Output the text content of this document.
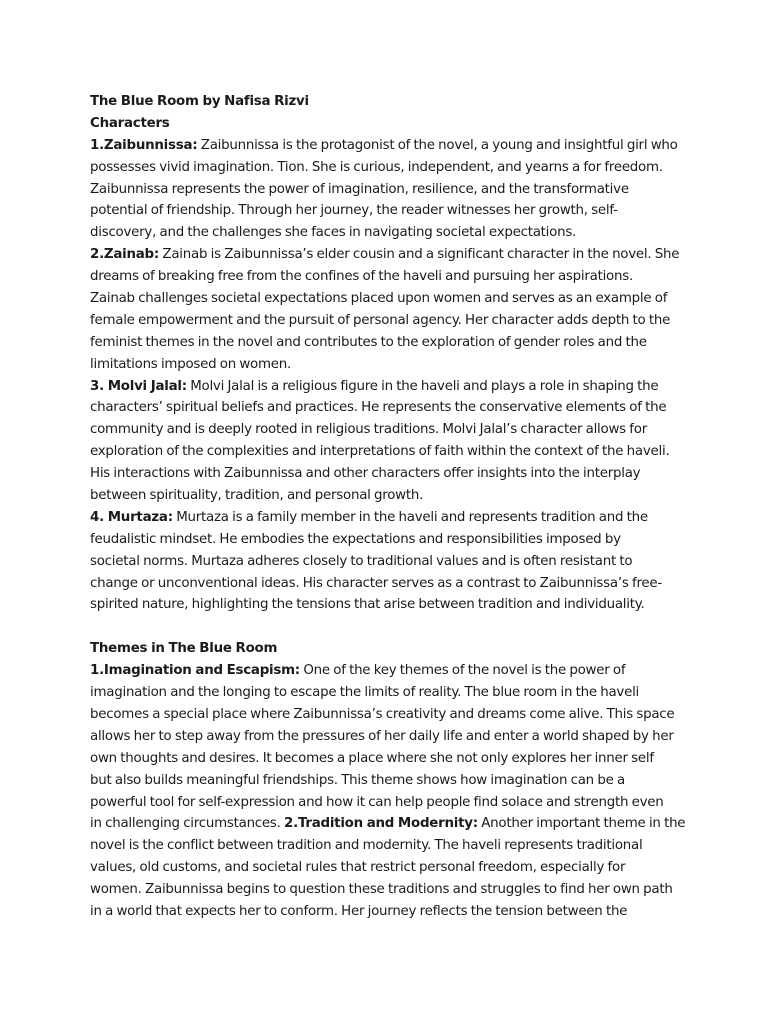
The Blue Room by Nafisa Rizvi
Characters
1.Zaibunnissa: Zaibunnissa is the protagonist of the novel, a young and insightful girl who
possesses vivid imagination. Tion. She is curious, independent, and yearns a for freedom.
Zaibunnissa represents the power of imagination, resilience, and the transformative
potential of friendship. Through her journey, the reader witnesses her growth, self-
discovery, and the challenges she faces in navigating societal expectations.
2.Zainab: Zainab is Zaibunnissa’s elder cousin and a significant character in the novel. She
dreams of breaking free from the confines of the haveli and pursuing her aspirations.
Zainab challenges societal expectations placed upon women and serves as an example of
female empowerment and the pursuit of personal agency. Her character adds depth to the
feminist themes in the novel and contributes to the exploration of gender roles and the
limitations imposed on women.
3. Molvi Jalal: Molvi Jalal is a religious figure in the haveli and plays a role in shaping the
characters’ spiritual beliefs and practices. He represents the conservative elements of the
community and is deeply rooted in religious traditions. Molvi Jalal’s character allows for
exploration of the complexities and interpretations of faith within the context of the haveli.
His interactions with Zaibunnissa and other characters offer insights into the interplay
between spirituality, tradition, and personal growth.
4. Murtaza: Murtaza is a family member in the haveli and represents tradition and the
feudalistic mindset. He embodies the expectations and responsibilities imposed by
societal norms. Murtaza adheres closely to traditional values and is often resistant to
change or unconventional ideas. His character serves as a contrast to Zaibunnissa’s free-
spirited nature, highlighting the tensions that arise between tradition and individuality.
Themes in The Blue Room
1.Imagination and Escapism: One of the key themes of the novel is the power of
imagination and the longing to escape the limits of reality. The blue room in the haveli
becomes a special place where Zaibunnissa’s creativity and dreams come alive. This space
allows her to step away from the pressures of her daily life and enter a world shaped by her
own thoughts and desires. It becomes a place where she not only explores her inner self
but also builds meaningful friendships. This theme shows how imagination can be a
powerful tool for self-expression and how it can help people find solace and strength even
in challenging circumstances. 2.Tradition and Modernity: Another important theme in the
novel is the conflict between tradition and modernity. The haveli represents traditional
values, old customs, and societal rules that restrict personal freedom, especially for
women. Zaibunnissa begins to question these traditions and struggles to find her own path
in a world that expects her to conform. Her journey reflects the tension between the
